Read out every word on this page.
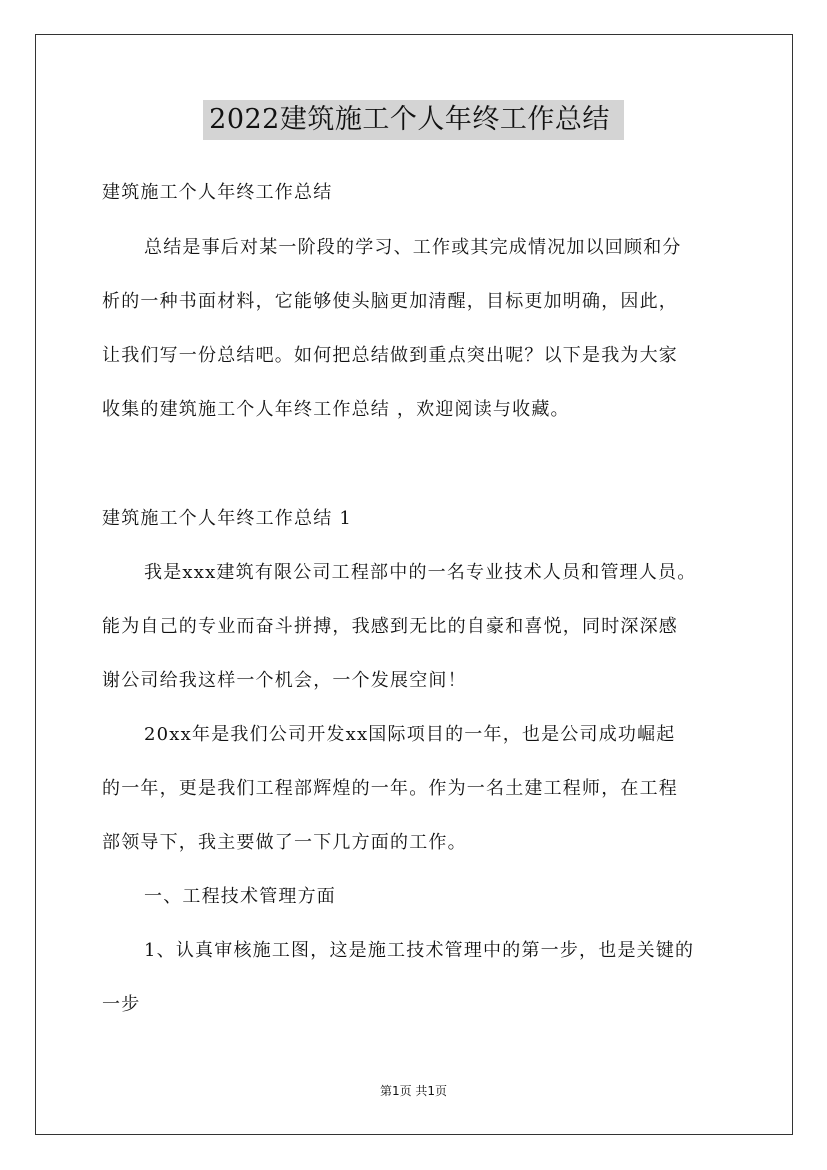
2022建筑施工个人年终工作总结
建筑施工个人年终工作总结
总结是事后对某一阶段的学习、工作或其完成情况加以回顾和分
析的一种书面材料，它能够使头脑更加清醒，目标更加明确，因此，
让我们写一份总结吧。如何把总结做到重点突出呢？以下是我为大家
收集的建筑施工个人年终工作总结 ，欢迎阅读与收藏。
建筑施工个人年终工作总结 1
我是xxx建筑有限公司工程部中的一名专业技术人员和管理人员。
能为自己的专业而奋斗拼搏，我感到无比的自豪和喜悦，同时深深感
谢公司给我这样一个机会，一个发展空间！
20xx年是我们公司开发xx国际项目的一年，也是公司成功崛起
的一年，更是我们工程部辉煌的一年。作为一名土建工程师，在工程
部领导下，我主要做了一下几方面的工作。
一、工程技术管理方面
1、认真审核施工图，这是施工技术管理中的第一步，也是关键的
一步
第1页 共1页
